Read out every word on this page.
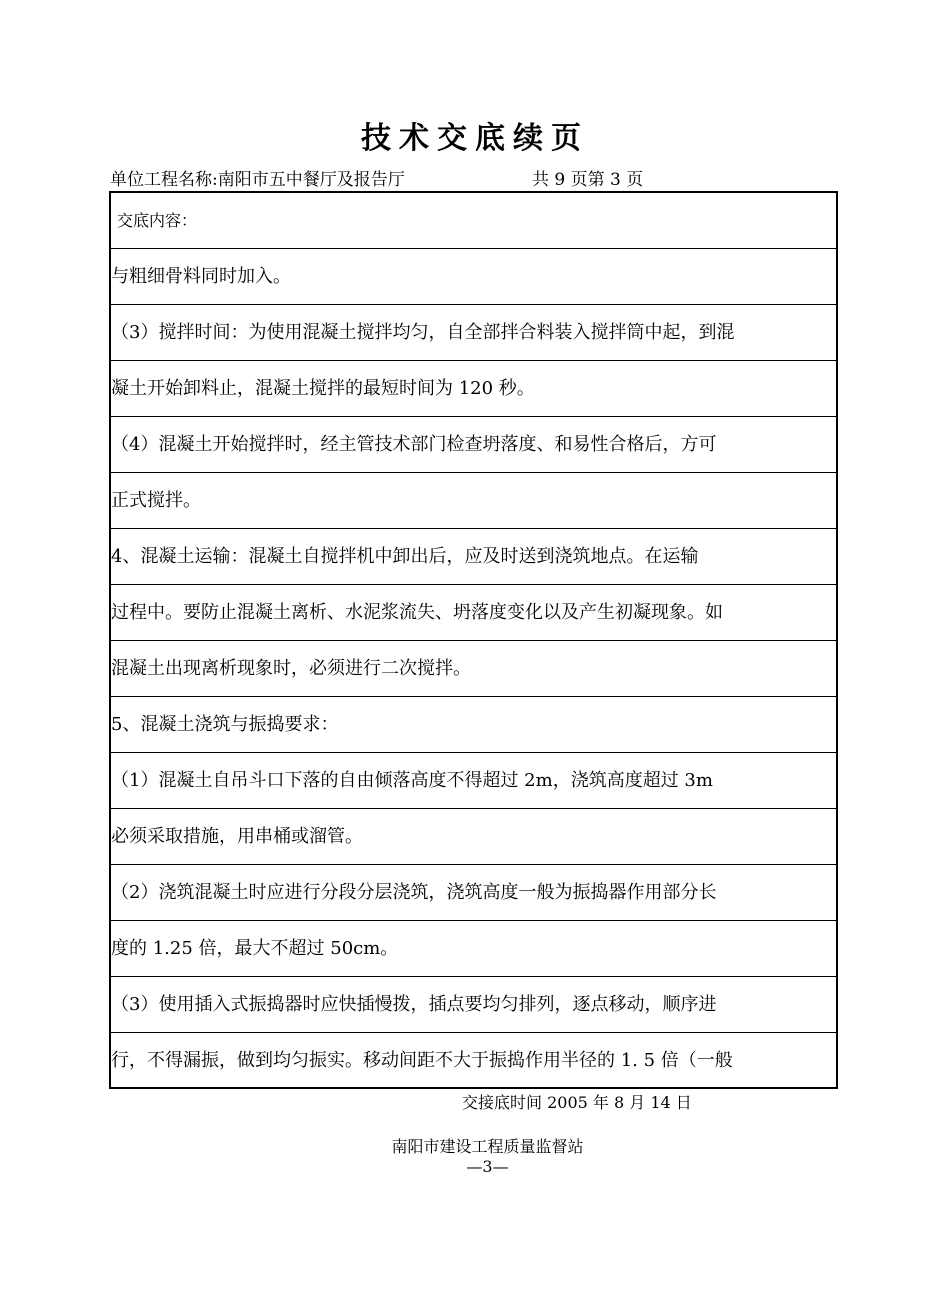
技术交底续页
单位工程名称:南阳市五中餐厅及报告厅	共 9 页第 3 页
交底内容：
与粗细骨料同时加入。
（3）搅拌时间：为使用混凝土搅拌均匀，自全部拌合料装入搅拌筒中起，到混
凝土开始卸料止，混凝土搅拌的最短时间为 120 秒。
（4）混凝土开始搅拌时，经主管技术部门检查坍落度、和易性合格后，方可
正式搅拌。
4、混凝土运输：混凝土自搅拌机中卸出后，应及时送到浇筑地点。在运输
过程中。要防止混凝土离析、水泥浆流失、坍落度变化以及产生初凝现象。如
混凝土出现离析现象时，必须进行二次搅拌。
5、混凝土浇筑与振捣要求：
（1）混凝土自吊斗口下落的自由倾落高度不得超过 2m，浇筑高度超过 3m
必须采取措施，用串桶或溜管。
（2）浇筑混凝土时应进行分段分层浇筑，浇筑高度一般为振捣器作用部分长
度的 1.25 倍，最大不超过 50cm。
（3）使用插入式振捣器时应快插慢拨，插点要均匀排列，逐点移动，顺序进
行，不得漏振，做到均匀振实。移动间距不大于振捣作用半径的 1. 5 倍（一般
交接底时间 2005 年 8 月 14 日
南阳市建设工程质量监督站
—3—
